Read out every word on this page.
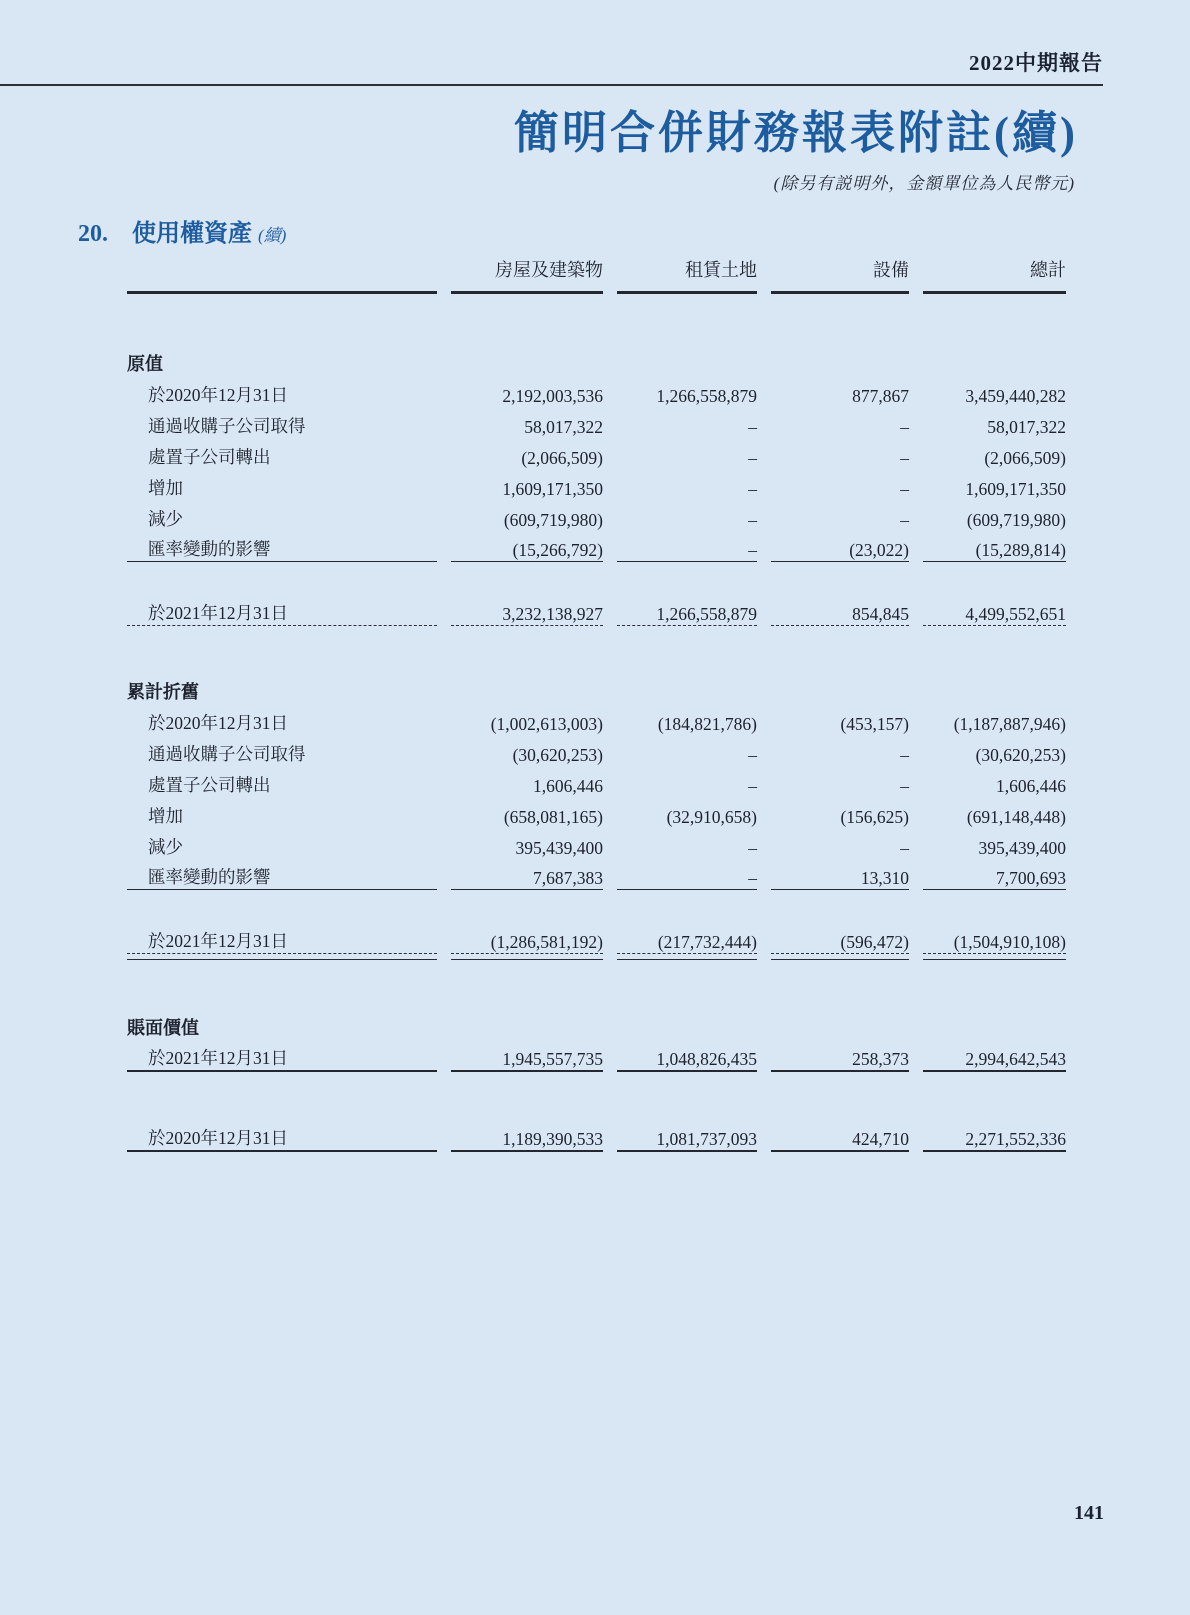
2022中期報告
簡明合併財務報表附註(續)
(除另有説明外，金額單位為人民幣元)
20. 使用權資產 (續)
	房屋及建築物	租賃土地	設備	總計

原值				
於2020年12月31日	2,192,003,536	1,266,558,879	877,867	3,459,440,282
通過收購子公司取得	58,017,322	–	–	58,017,322
處置子公司轉出	(2,066,509)	–	–	(2,066,509)
增加	1,609,171,350	–	–	1,609,171,350
減少	(609,719,980)	–	–	(609,719,980)
匯率變動的影響	(15,266,792)	–	(23,022)	(15,289,814)

於2021年12月31日	3,232,138,927	1,266,558,879	854,845	4,499,552,651

累計折舊				
於2020年12月31日	(1,002,613,003)	(184,821,786)	(453,157)	(1,187,887,946)
通過收購子公司取得	(30,620,253)	–	–	(30,620,253)
處置子公司轉出	1,606,446	–	–	1,606,446
增加	(658,081,165)	(32,910,658)	(156,625)	(691,148,448)
減少	395,439,400	–	–	395,439,400
匯率變動的影響	7,687,383	–	13,310	7,700,693

於2021年12月31日	(1,286,581,192)	(217,732,444)	(596,472)	(1,504,910,108)

賬面價值				
於2021年12月31日	1,945,557,735	1,048,826,435	258,373	2,994,642,543

於2020年12月31日	1,189,390,533	1,081,737,093	424,710	2,271,552,336
141
